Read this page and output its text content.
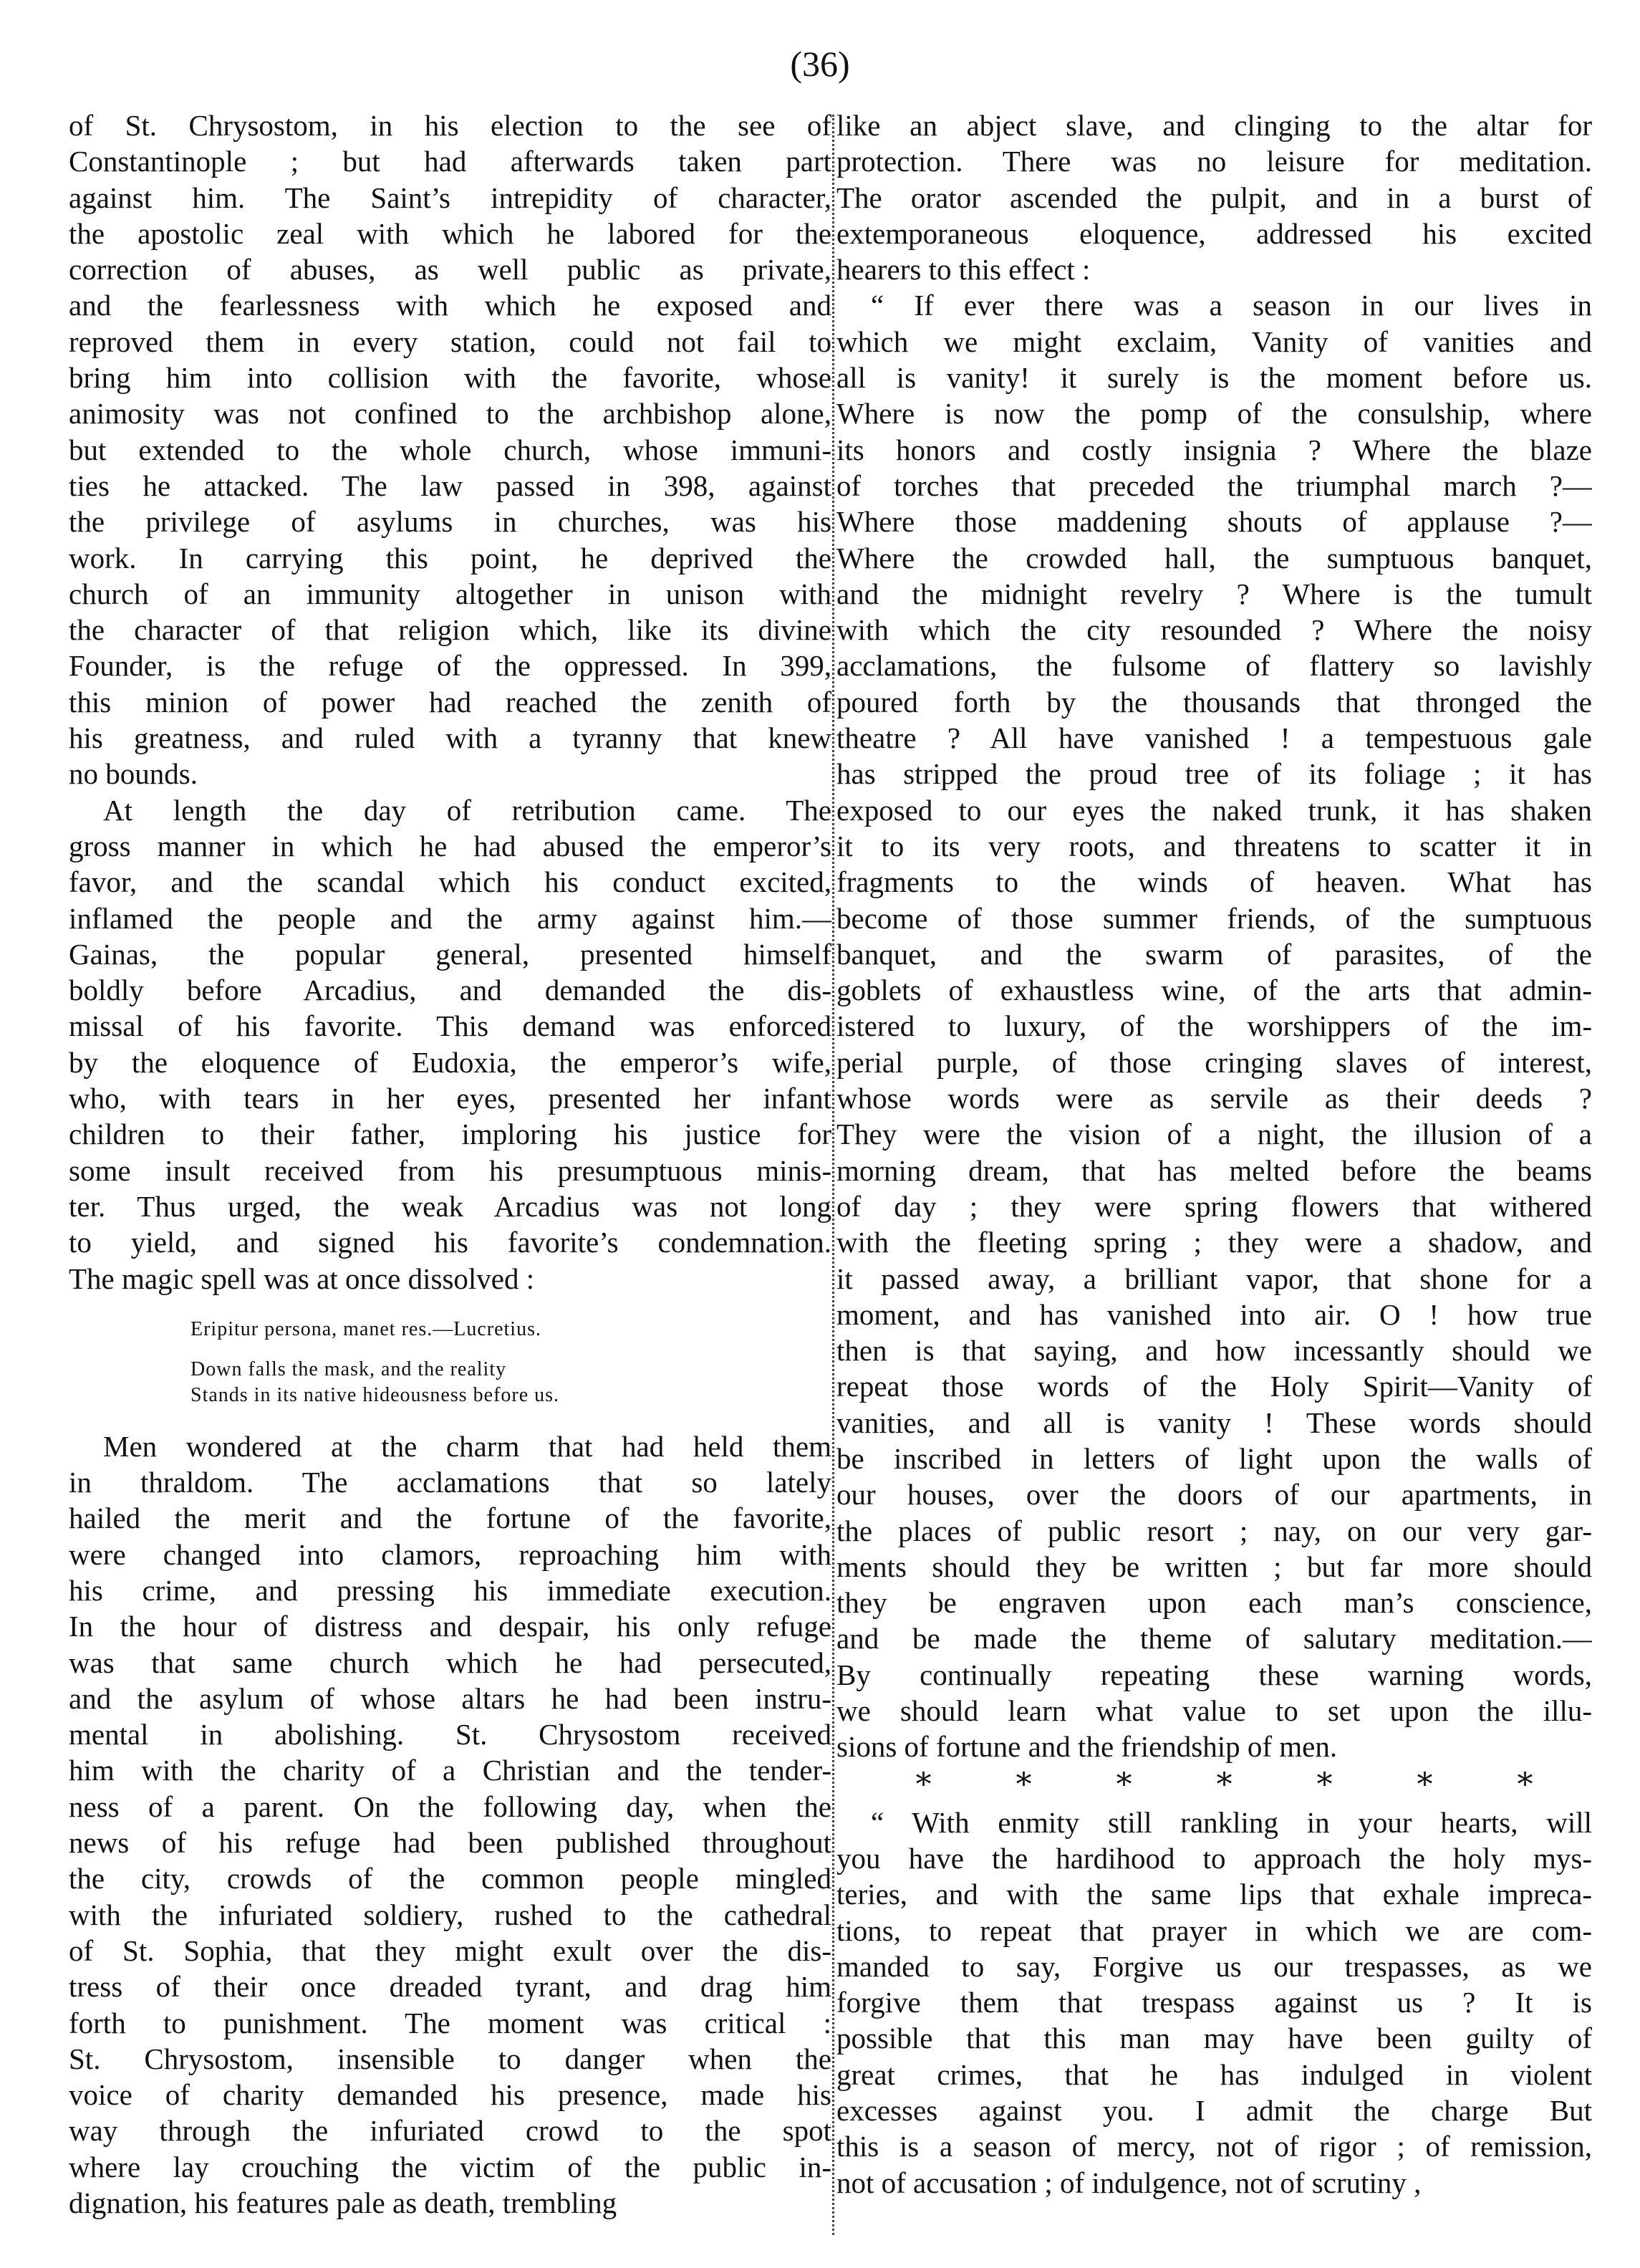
(36)
of St. Chrysostom, in his election to the see of
Constantinople ; but had afterwards taken part
against him. The Saint’s intrepidity of character,
the apostolic zeal with which he labored for the
correction of abuses, as well public as private,
and the fearlessness with which he exposed and
reproved them in every station, could not fail to
bring him into collision with the favorite, whose
animosity was not confined to the archbishop alone,
but extended to the whole church, whose immuni-
ties he attacked. The law passed in 398, against
the privilege of asylums in churches, was his
work. In carrying this point, he deprived the
church of an immunity altogether in unison with
the character of that religion which, like its divine
Founder, is the refuge of the oppressed. In 399,
this minion of power had reached the zenith of
his greatness, and ruled with a tyranny that knew
no bounds.
At length the day of retribution came. The
gross manner in which he had abused the emperor’s
favor, and the scandal which his conduct excited,
inflamed the people and the army against him.—
Gainas, the popular general, presented himself
boldly before Arcadius, and demanded the dis-
missal of his favorite. This demand was enforced
by the eloquence of Eudoxia, the emperor’s wife,
who, with tears in her eyes, presented her infant
children to their father, imploring his justice for
some insult received from his presumptuous minis-
ter. Thus urged, the weak Arcadius was not long
to yield, and signed his favorite’s condemnation.
The magic spell was at once dissolved :
Eripitur persona, manet res.—Lucretius.
Down falls the mask, and the reality
Stands in its native hideousness before us.
Men wondered at the charm that had held them
in thraldom. The acclamations that so lately
hailed the merit and the fortune of the favorite,
were changed into clamors, reproaching him with
his crime, and pressing his immediate execution.
In the hour of distress and despair, his only refuge
was that same church which he had persecuted,
and the asylum of whose altars he had been instru-
mental in abolishing. St. Chrysostom received
him with the charity of a Christian and the tender-
ness of a parent. On the following day, when the
news of his refuge had been published throughout
the city, crowds of the common people mingled
with the infuriated soldiery, rushed to the cathedral
of St. Sophia, that they might exult over the dis-
tress of their once dreaded tyrant, and drag him
forth to punishment. The moment was critical :
St. Chrysostom, insensible to danger when the
voice of charity demanded his presence, made his
way through the infuriated crowd to the spot
where lay crouching the victim of the public in-
dignation, his features pale as death, trembling
like an abject slave, and clinging to the altar for
protection. There was no leisure for meditation.
The orator ascended the pulpit, and in a burst of
extemporaneous eloquence, addressed his excited
hearers to this effect :
“ If ever there was a season in our lives in
which we might exclaim, Vanity of vanities and
all is vanity! it surely is the moment before us.
Where is now the pomp of the consulship, where
its honors and costly insignia ? Where the blaze
of torches that preceded the triumphal march ?—
Where those maddening shouts of applause ?—
Where the crowded hall, the sumptuous banquet,
and the midnight revelry ? Where is the tumult
with which the city resounded ? Where the noisy
acclamations, the fulsome of flattery so lavishly
poured forth by the thousands that thronged the
theatre ? All have vanished ! a tempestuous gale
has stripped the proud tree of its foliage ; it has
exposed to our eyes the naked trunk, it has shaken
it to its very roots, and threatens to scatter it in
fragments to the winds of heaven. What has
become of those summer friends, of the sumptuous
banquet, and the swarm of parasites, of the
goblets of exhaustless wine, of the arts that admin-
istered to luxury, of the worshippers of the im-
perial purple, of those cringing slaves of interest,
whose words were as servile as their deeds ?
They were the vision of a night, the illusion of a
morning dream, that has melted before the beams
of day ; they were spring flowers that withered
with the fleeting spring ; they were a shadow, and
it passed away, a brilliant vapor, that shone for a
moment, and has vanished into air. O ! how true
then is that saying, and how incessantly should we
repeat those words of the Holy Spirit—Vanity of
vanities, and all is vanity ! These words should
be inscribed in letters of light upon the walls of
our houses, over the doors of our apartments, in
the places of public resort ; nay, on our very gar-
ments should they be written ; but far more should
they be engraven upon each man’s conscience,
and be made the theme of salutary meditation.—
By continually repeating these warning words,
we should learn what value to set upon the illu-
sions of fortune and the friendship of men.
* * * * * * *
“ With enmity still rankling in your hearts, will
you have the hardihood to approach the holy mys-
teries, and with the same lips that exhale impreca-
tions, to repeat that prayer in which we are com-
manded to say, Forgive us our trespasses, as we
forgive them that trespass against us ? It is
possible that this man may have been guilty of
great crimes, that he has indulged in violent
excesses against you. I admit the charge But
this is a season of mercy, not of rigor ; of remission,
not of accusation ; of indulgence, not of scrutiny ,
